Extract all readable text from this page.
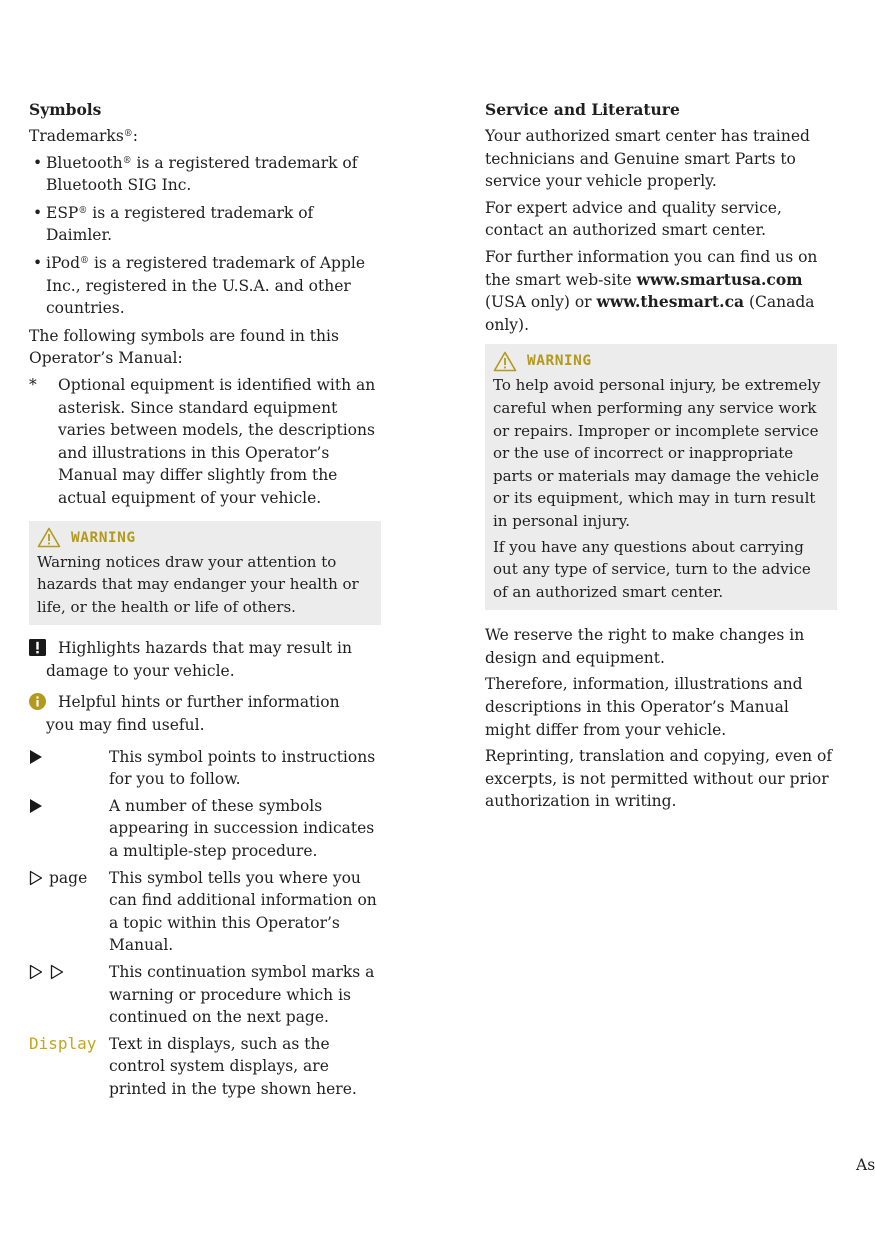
Symbols

Trademarks®:

• Bluetooth® is a registered trademark of Bluetooth SIG Inc.
• ESP® is a registered trademark of Daimler.
• iPod® is a registered trademark of Apple Inc., registered in the U.S.A. and other countries.

The following symbols are found in this Operator’s Manual:

*	Optional equipment is identified with an asterisk. Since standard equipment varies between models, the descriptions and illustrations in this Operator’s Manual may differ slightly from the actual equipment of your vehicle.
WARNING

Warning notices draw your attention to hazards that may endanger your health or life, or the health or life of others.

Highlights hazards that may result in
damage to your vehicle.
Helpful hints or further information
you may find useful.
This symbol points to instructions for you to follow.
A number of these symbols appearing in succession indicates a multiple-step procedure.
page This symbol tells you where you can find additional information on a topic within this Operator’s Manual.
This continuation symbol marks a warning or procedure which is continued on the next page.
Display Text in displays, such as the control system displays, are printed in the type shown here.

Service and Literature

Your authorized smart center has trained technicians and Genuine smart Parts to service your vehicle properly.

For expert advice and quality service, contact an authorized smart center.

For further information you can find us on the smart web-site www.smartusa.com (USA only) or www.thesmart.ca (Canada only).

WARNING

To help avoid personal injury, be extremely careful when performing any service work or repairs. Improper or incomplete service or the use of incorrect or inappropriate parts or materials may damage the vehicle or its equipment, which may in turn result in personal injury.

If you have any questions about carrying out any type of service, turn to the advice of an authorized smart center.

We reserve the right to make changes in design and equipment.

Therefore, information, illustrations and descriptions in this Operator’s Manual might differ from your vehicle.

Reprinting, translation and copying, even of excerpts, is not permitted without our prior authorization in writing.

As
